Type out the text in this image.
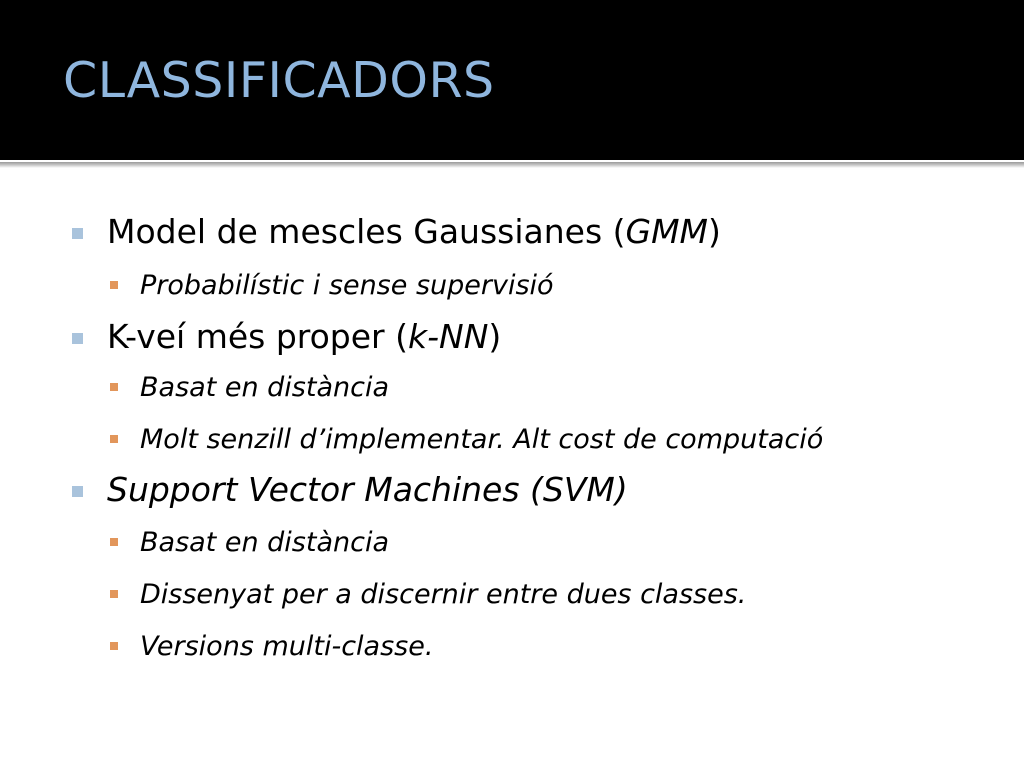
CLASSIFICADORS
Model de mescles Gaussianes (GMM)
Probabilístic i sense supervisió
K-veí més proper (k-NN)
Basat en distància
Molt senzill d’implementar. Alt cost de computació
Support Vector Machines (SVM)
Basat en distància
Dissenyat per a discernir entre dues classes.
Versions multi-classe.
